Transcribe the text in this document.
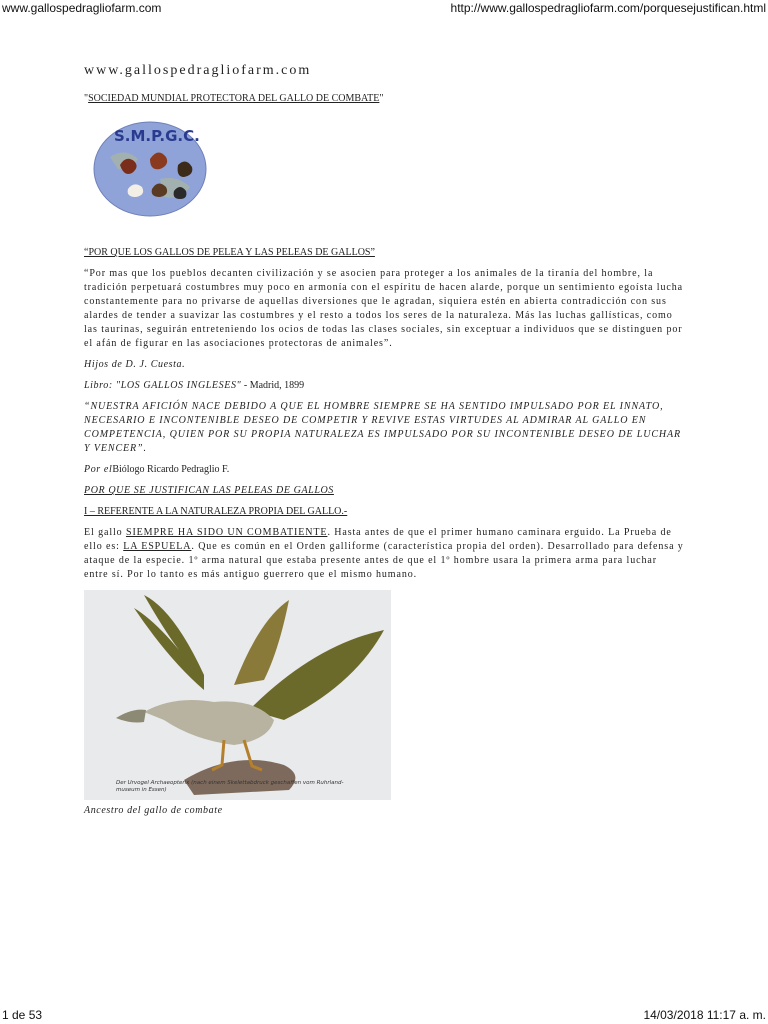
www.gallospedragliofarm.com	http://www.gallospedragliofarm.com/porquesejustifican.html
www.gallospedragliofarm.com

"SOCIEDAD MUNDIAL PROTECTORA DEL GALLO DE COMBATE"

S.M.P.G.C.

“POR QUE LOS GALLOS DE PELEA Y LAS PELEAS DE GALLOS”

“Por mas que los pueblos decanten civilización y se asocien para proteger a los animales de la tiranía del hombre, la tradición perpetuará costumbres muy poco en armonía con el espíritu de hacen alarde, porque un sentimiento egoísta lucha constantemente para no privarse de aquellas diversiones que le agradan, siquiera estén en abierta contradicción con sus alardes de tender a suavizar las costumbres y el resto a todos los seres de la naturaleza. Más las luchas gallísticas, como las taurinas, seguirán entreteniendo los ocios de todas las clases sociales, sin exceptuar a individuos que se distinguen por el afán de figurar en las asociaciones protectoras de animales”.

Hijos de D. J. Cuesta.

Libro: "LOS GALLOS INGLESES" - Madrid, 1899

“NUESTRA AFICIÓN NACE DEBIDO A QUE EL HOMBRE SIEMPRE SE HA SENTIDO IMPULSADO POR EL INNATO, NECESARIO E INCONTENIBLE DESEO DE COMPETIR Y REVIVE ESTAS VIRTUDES AL ADMIRAR AL GALLO EN COMPETENCIA, QUIEN POR SU PROPIA NATURALEZA ES IMPULSADO POR SU INCONTENIBLE DESEO DE LUCHAR Y VENCER”.

Por elBiólogo Ricardo Pedraglio F.

POR QUE SE JUSTIFICAN LAS PELEAS DE GALLOS

I – REFERENTE A LA NATURALEZA PROPIA DEL GALLO.-

El gallo SIEMPRE HA SIDO UN COMBATIENTE. Hasta antes de que el primer humano caminara erguido. La Prueba de ello es: LA ESPUELA. Que es común en el Orden galliforme (característica propia del orden). Desarrollado para defensa y ataque de la especie. 1º arma natural que estaba presente antes de que el 1º hombre usara la primera arma para luchar entre sí. Por lo tanto es más antiguo guerrero que el mismo humano.

Der Urvogel Archaeopterix (nach einem Skelettabdruck geschaffen vom Ruhrland-museum in Essen)

Ancestro del gallo de combate

1 de 53	14/03/2018 11:17 a. m.
